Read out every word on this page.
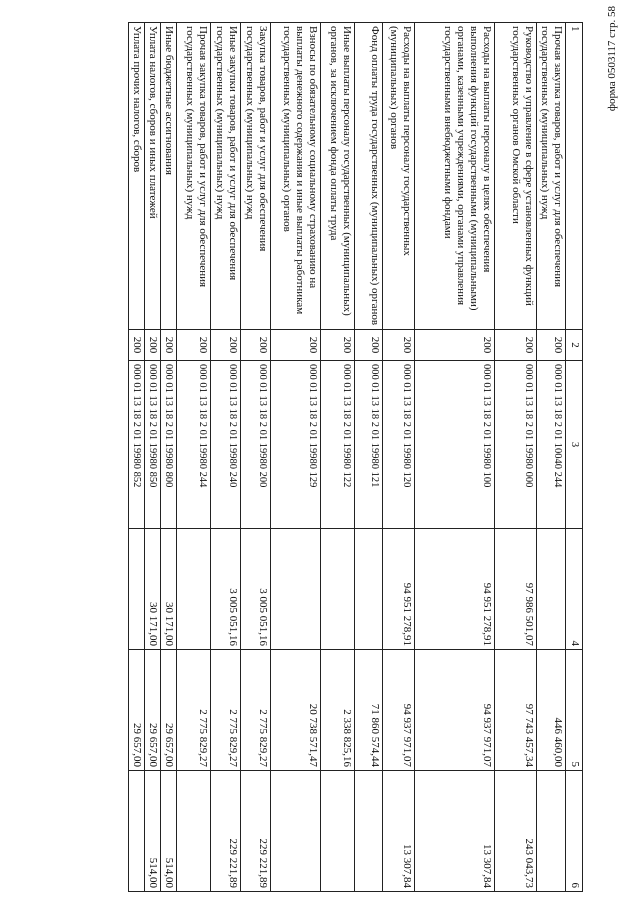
форма 0503117 стр. 58
1	2	3	4	5	6
Прочая закупка товаров, работ и услуг для обеспечения государственных (муниципальных) нужд	200	000 01 13 18 2 01 10040 244		446 460,00	
Руководство и управление в сфере установленных функций государственных органов Омской области	200	000 01 13 18 2 01 19980 000	97 986 501,07	97 743 457,34	243 043,73
Расходы на выплаты персоналу в целях обеспечения выполнения функций государственными (муниципальными) органами, казенными учреждениями, органами управления государственными внебюджетными фондами	200	000 01 13 18 2 01 19980 100	94 951 278,91	94 937 971,07	13 307,84
Расходы на выплаты персоналу государственных (муниципальных) органов	200	000 01 13 18 2 01 19980 120	94 951 278,91	94 937 971,07	13 307,84
Фонд оплаты труда государственных (муниципальных) органов	200	000 01 13 18 2 01 19980 121		71 860 574,44	
Иные выплаты персоналу государственных (муниципальных) органов, за исключением фонда оплаты труда	200	000 01 13 18 2 01 19980 122		2 338 825,16	
Взносы по обязательному социальному страхованию на выплаты денежного содержания и иные выплаты работникам государственных (муниципальных) органов	200	000 01 13 18 2 01 19980 129		20 738 571,47	
Закупка товаров, работ и услуг для обеспечения государственных (муниципальных) нужд	200	000 01 13 18 2 01 19980 200	3 005 051,16	2 775 829,27	229 221,89
Иные закупки товаров, работ и услуг для обеспечения государственных (муниципальных) нужд	200	000 01 13 18 2 01 19980 240	3 005 051,16	2 775 829,27	229 221,89
Прочая закупка товаров, работ и услуг для обеспечения государственных (муниципальных) нужд	200	000 01 13 18 2 01 19980 244		2 775 829,27	
Иные бюджетные ассигнования	200	000 01 13 18 2 01 19980 800	30 171,00	29 657,00	514,00
Уплата налогов, сборов и иных платежей	200	000 01 13 18 2 01 19980 850	30 171,00	29 657,00	514,00
Уплата прочих налогов, сборов	200	000 01 13 18 2 01 19980 852		29 657,00	
